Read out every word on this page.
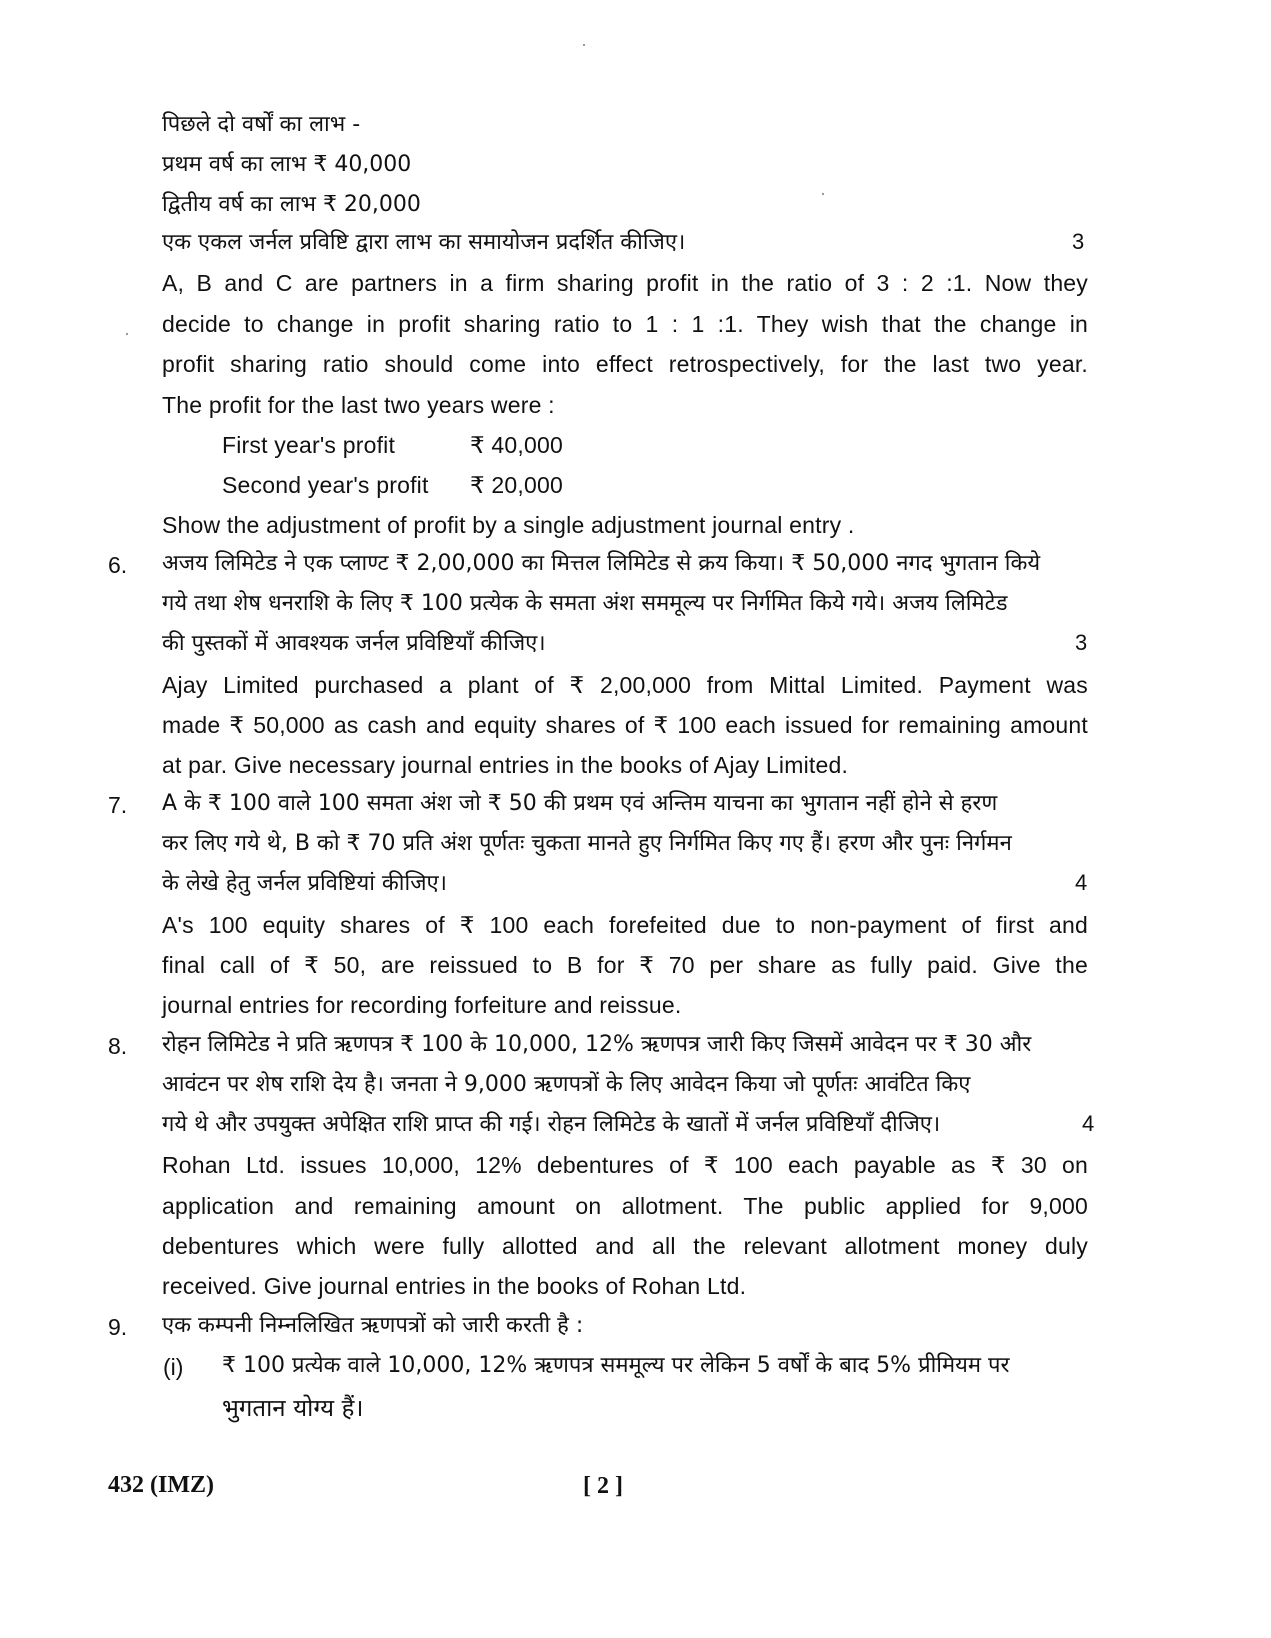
पिछले दो वर्षों का लाभ -
प्रथम वर्ष का लाभ ₹ 40,000
द्वितीय वर्ष का लाभ ₹ 20,000
एक एकल जर्नल प्रविष्टि द्वारा लाभ का समायोजन प्रदर्शित कीजिए।	3
A, B and C are partners in a firm sharing profit in the ratio of 3 : 2 :1. Now they
decide to change in profit sharing ratio to 1 : 1 :1. They wish that the change in
profit sharing ratio should come into effect retrospectively, for the last two year.
The profit for the last two years were :
First year's profit	₹ 40,000
Second year's profit ₹ 20,000
Show the adjustment of profit by a single adjustment journal entry .
6. अजय लिमिटेड ने एक प्लाण्ट ₹ 2,00,000 का मित्तल लिमिटेड से क्रय किया। ₹ 50,000 नगद भुगतान किये
गये तथा शेष धनराशि के लिए ₹ 100 प्रत्येक के समता अंश सममूल्य पर निर्गमित किये गये। अजय लिमिटेड
की पुस्तकों में आवश्यक जर्नल प्रविष्टियाँ कीजिए।	3
Ajay Limited purchased a plant of ₹ 2,00,000 from Mittal Limited. Payment was
made ₹ 50,000 as cash and equity shares of ₹ 100 each issued for remaining amount
at par. Give necessary journal entries in the books of Ajay Limited.
7. A के ₹ 100 वाले 100 समता अंश जो ₹ 50 की प्रथम एवं अन्तिम याचना का भुगतान नहीं होने से हरण
कर लिए गये थे, B को ₹ 70 प्रति अंश पूर्णतः चुकता मानते हुए निर्गमित किए गए हैं। हरण और पुनः निर्गमन
के लेखे हेतु जर्नल प्रविष्टियां कीजिए।	4
A's 100 equity shares of ₹ 100 each forefeited due to non-payment of first and
final call of ₹ 50, are reissued to B for ₹ 70 per share as fully paid. Give the
journal entries for recording forfeiture and reissue.
8. रोहन लिमिटेड ने प्रति ऋणपत्र ₹ 100 के 10,000, 12% ऋणपत्र जारी किए जिसमें आवेदन पर ₹ 30 और
आवंटन पर शेष राशि देय है। जनता ने 9,000 ऋणपत्रों के लिए आवेदन किया जो पूर्णतः आवंटित किए
गये थे और उपयुक्त अपेक्षित राशि प्राप्त की गई। रोहन लिमिटेड के खातों में जर्नल प्रविष्टियाँ दीजिए।	4
Rohan Ltd. issues 10,000, 12% debentures of ₹ 100 each payable as ₹ 30 on
application and remaining amount on allotment. The public applied for 9,000
debentures which were fully allotted and all the relevant allotment money duly
received. Give journal entries in the books of Rohan Ltd.
9. एक कम्पनी निम्नलिखित ऋणपत्रों को जारी करती है :
(i) ₹ 100 प्रत्येक वाले 10,000, 12% ऋणपत्र सममूल्य पर लेकिन 5 वर्षों के बाद 5% प्रीमियम पर
भुगतान योग्य हैं।
432 (IMZ)	[ 2 ]
